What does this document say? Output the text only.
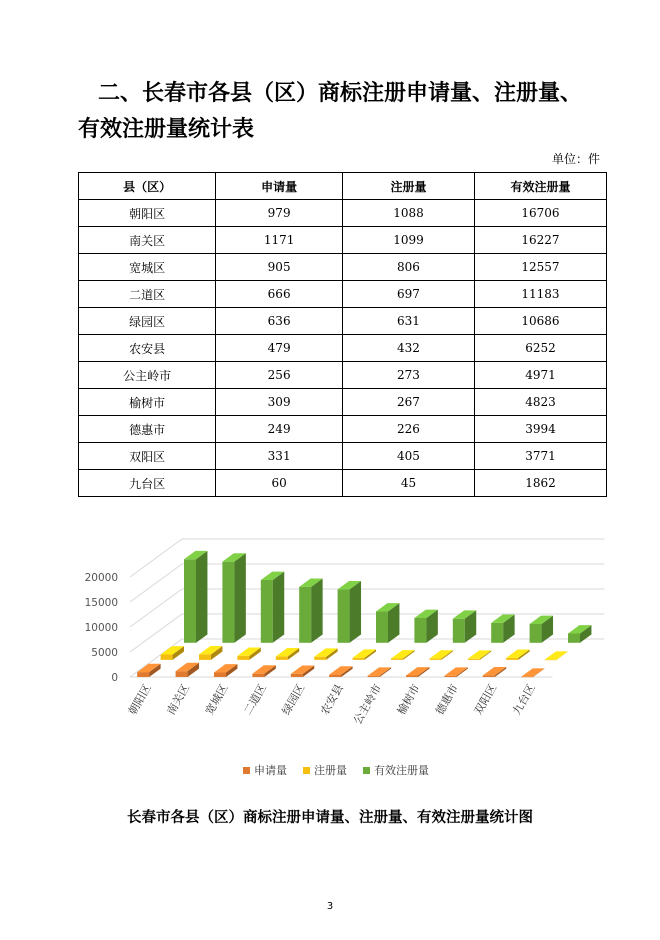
二、长春市各县（区）商标注册申请量、注册量、有效注册量统计表
单位：件
县（区）	申请量	注册量	有效注册量
朝阳区	979	1088	16706
南关区	1171	1099	16227
宽城区	905	806	12557
二道区	666	697	11183
绿园区	636	631	10686
农安县	479	432	6252
公主岭市	256	273	4971
榆树市	309	267	4823
德惠市	249	226	3994
双阳区	331	405	3771
九台区	60	45	1862
0
5000
10000
15000
20000
朝阳区 南关区 宽城区 二道区 绿园区 农安县 公主岭市 榆树市 德惠市 双阳区 九台区
申请量 注册量 有效注册量
长春市各县（区）商标注册申请量、注册量、有效注册量统计图
3
